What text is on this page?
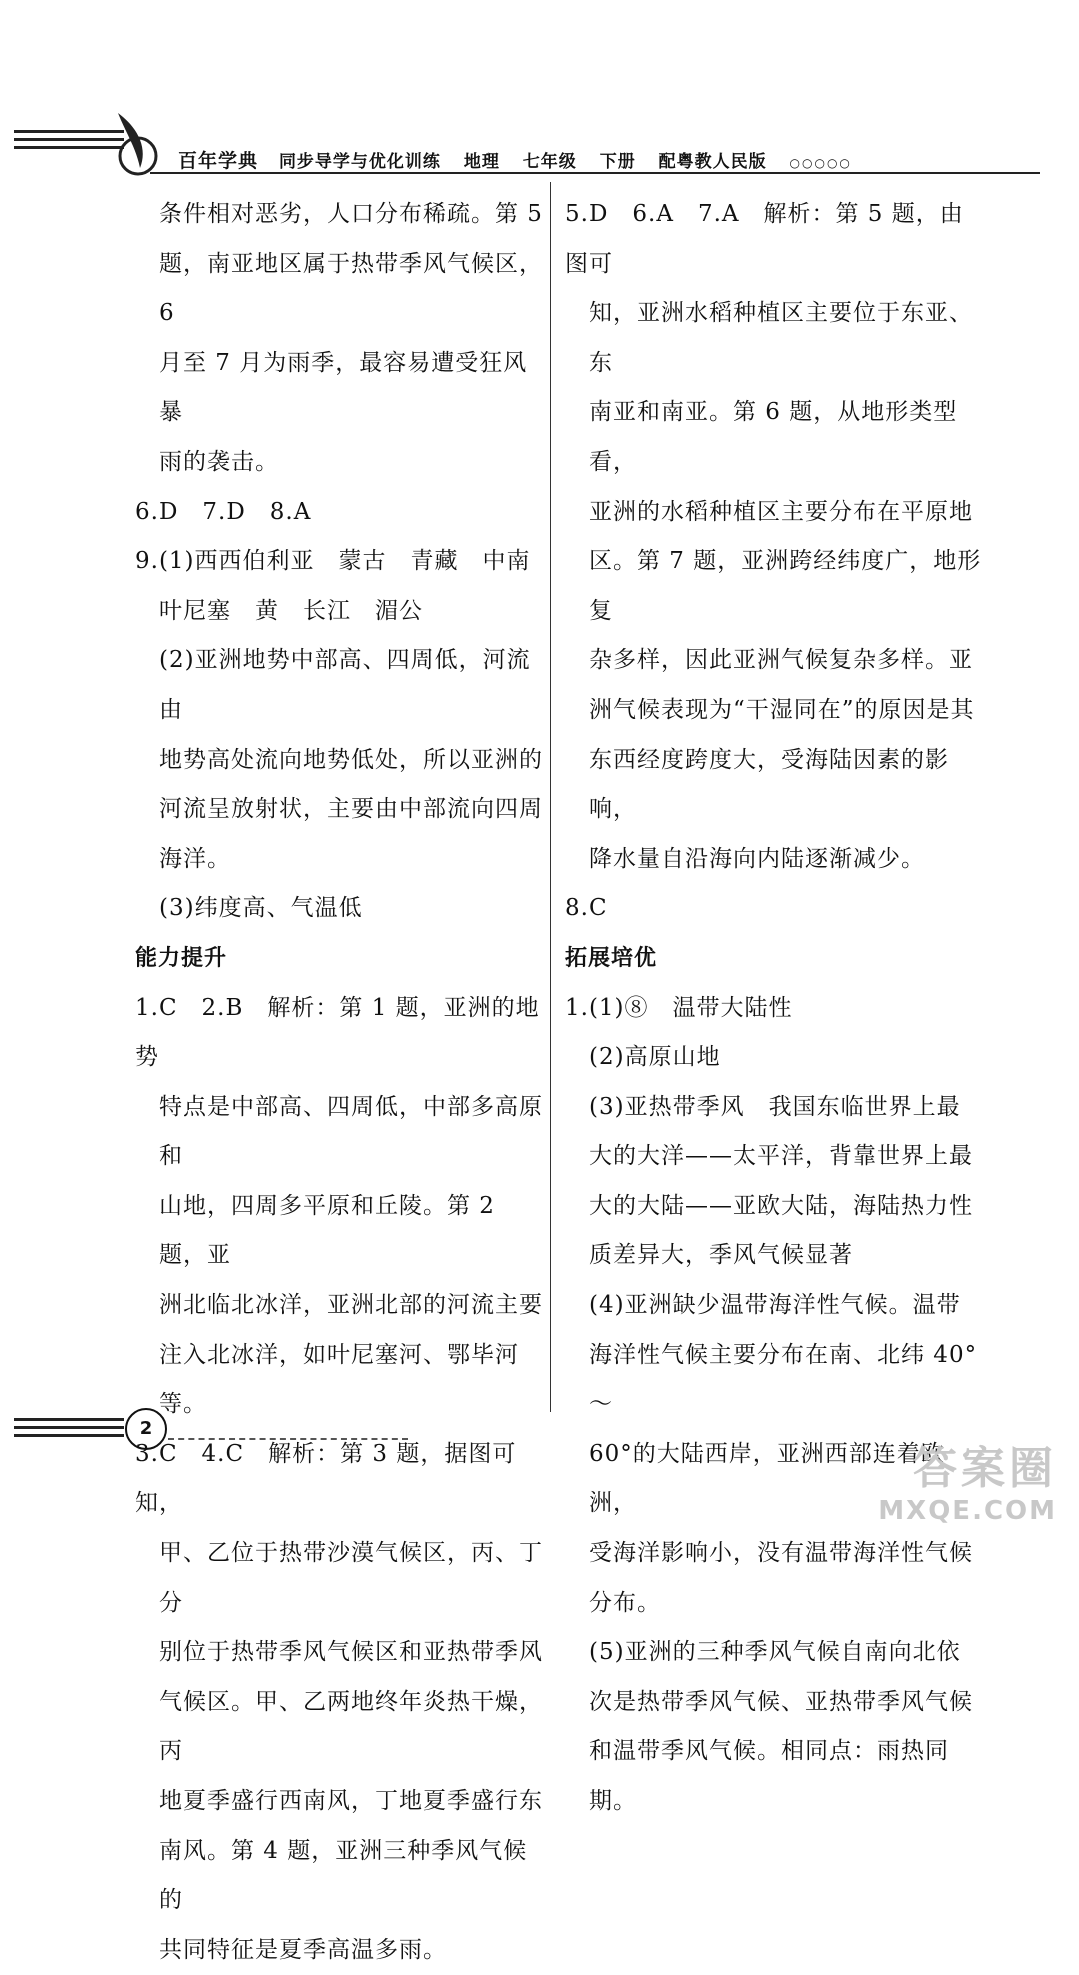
百年学典 同步导学与优化训练 地理 七年级 下册 配粤教人民版 ○○○○○

条件相对恶劣，人口分布稀疏。第 5

题，南亚地区属于热带季风气候区，6

月至 7 月为雨季，最容易遭受狂风暴

雨的袭击。

6.D　7.D　8.A

9.(1)西西伯利亚　蒙古　青藏　中南

叶尼塞　黄　长江　湄公

(2)亚洲地势中部高、四周低，河流由

地势高处流向地势低处，所以亚洲的

河流呈放射状，主要由中部流向四周

海洋。

(3)纬度高、气温低

能力提升

1.C　2.B　解析：第 1 题，亚洲的地势

特点是中部高、四周低，中部多高原和

山地，四周多平原和丘陵。第 2 题，亚

洲北临北冰洋，亚洲北部的河流主要

注入北冰洋，如叶尼塞河、鄂毕河等。

3.C　4.C　解析：第 3 题，据图可知，

甲、乙位于热带沙漠气候区，丙、丁分

别位于热带季风气候区和亚热带季风

气候区。甲、乙两地终年炎热干燥，丙

地夏季盛行西南风，丁地夏季盛行东

南风。第 4 题，亚洲三种季风气候的

共同特征是夏季高温多雨。

5.D　6.A　7.A　解析：第 5 题，由图可

知，亚洲水稻种植区主要位于东亚、东

南亚和南亚。第 6 题，从地形类型看，

亚洲的水稻种植区主要分布在平原地

区。第 7 题，亚洲跨经纬度广，地形复

杂多样，因此亚洲气候复杂多样。亚

洲气候表现为“干湿同在”的原因是其

东西经度跨度大，受海陆因素的影响，

降水量自沿海向内陆逐渐减少。

8.C

拓展培优

1.(1)⑧　温带大陆性

(2)高原山地

(3)亚热带季风　我国东临世界上最

大的大洋——太平洋，背靠世界上最

大的大陆——亚欧大陆，海陆热力性

质差异大，季风气候显著

(4)亚洲缺少温带海洋性气候。温带

海洋性气候主要分布在南、北纬 40°～

60°的大陆西岸，亚洲西部连着欧洲，

受海洋影响小，没有温带海洋性气候

分布。

(5)亚洲的三种季风气候自南向北依

次是热带季风气候、亚热带季风气候

和温带季风气候。相同点：雨热同期。

2
答案圈
MXQE.COM
